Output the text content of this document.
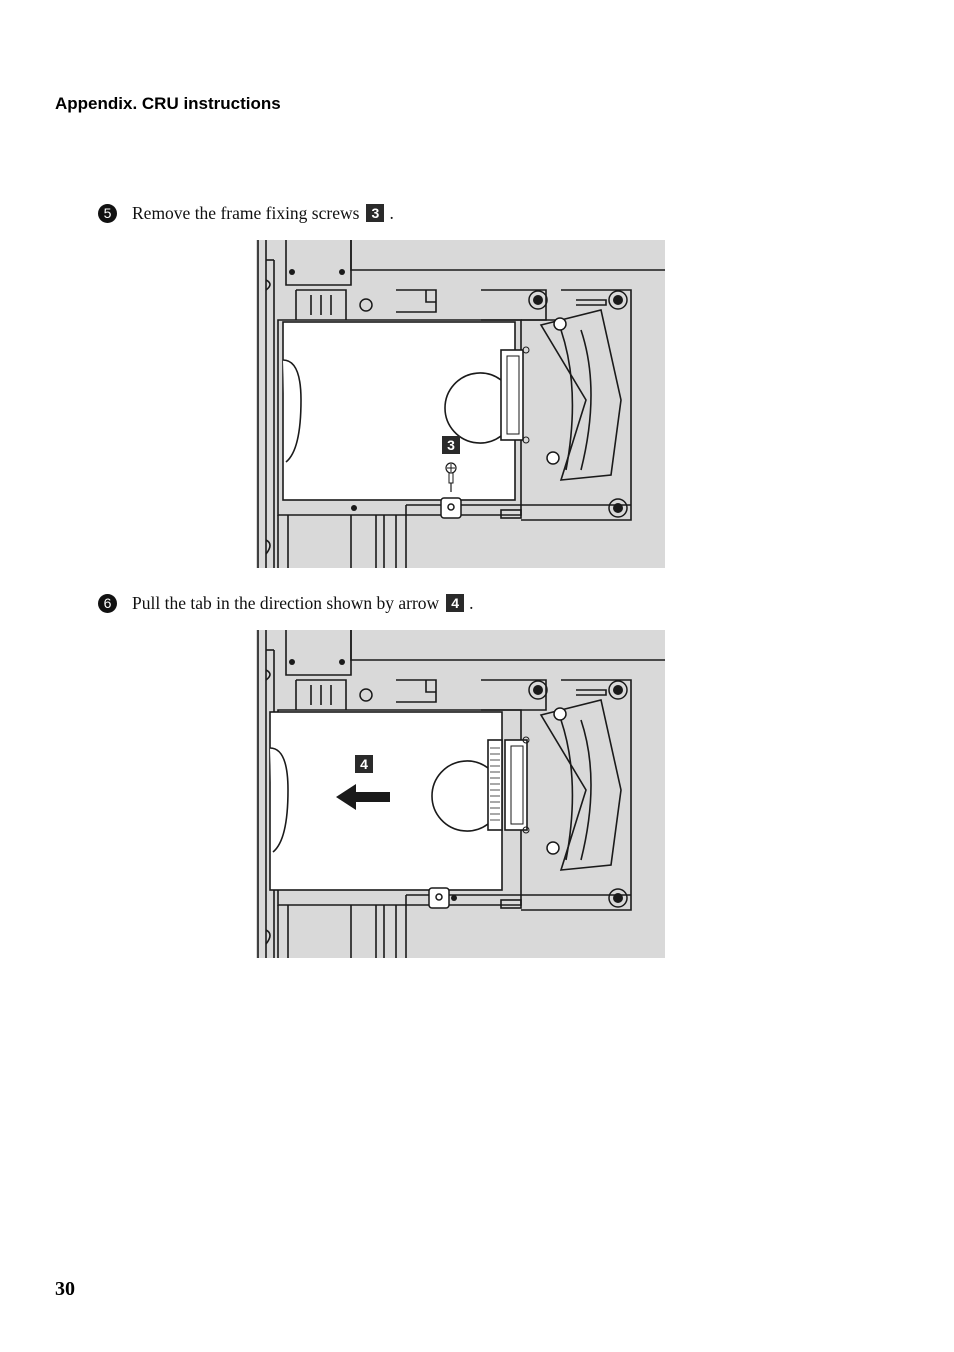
Appendix. CRU instructions
5	Remove the frame fixing screws 3 .
3
6	Pull the tab in the direction shown by arrow 4 .
4
30
